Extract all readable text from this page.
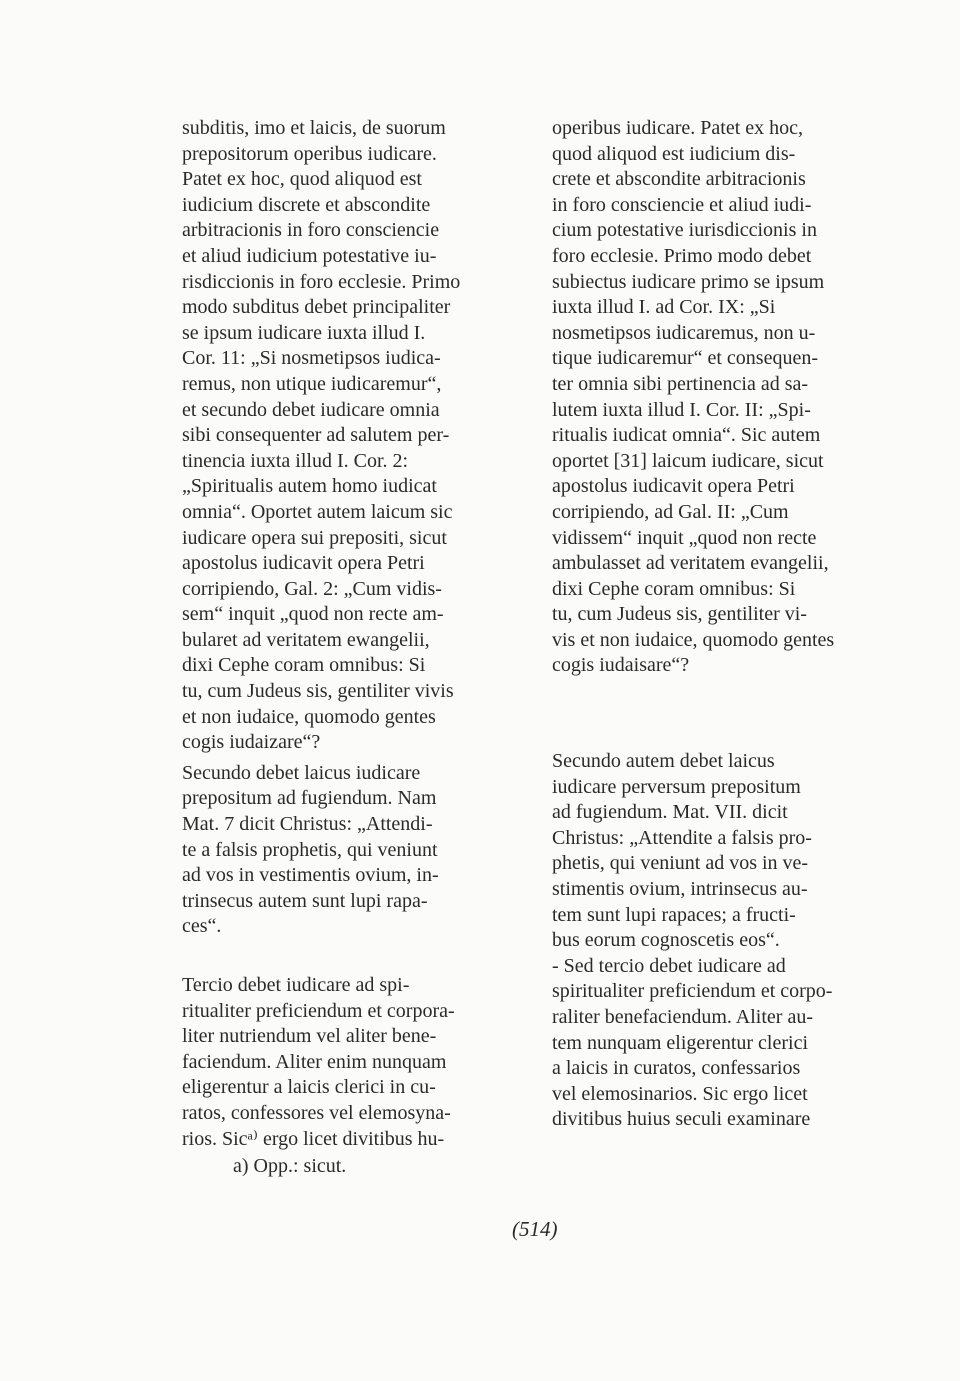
subditis, imo et laicis, de suorum
prepositorum operibus iudicare.
Patet ex hoc, quod aliquod est
iudicium discrete et abscondite
arbitracionis in foro consciencie
et aliud iudicium potestative iu-
risdiccionis in foro ecclesie. Primo
modo subditus debet principaliter
se ipsum iudicare iuxta illud I.
Cor. 11: „Si nosmetipsos iudica-
remus, non utique iudicaremur“,
et secundo debet iudicare omnia
sibi consequenter ad salutem per-
tinencia iuxta illud I. Cor. 2:
„Spiritualis autem homo iudicat
omnia“. Oportet autem laicum sic
iudicare opera sui prepositi, sicut
apostolus iudicavit opera Petri
corripiendo, Gal. 2: „Cum vidis-
sem“ inquit „quod non recte am-
bularet ad veritatem ewangelii,
dixi Cephe coram omnibus: Si
tu, cum Judeus sis, gentiliter vivis
et non iudaice, quomodo gentes
cogis iudaizare“?
Secundo debet laicus iudicare
prepositum ad fugiendum. Nam
Mat. 7 dicit Christus: „Attendi-
te a falsis prophetis, qui veniunt
ad vos in vestimentis ovium, in-
trinsecus autem sunt lupi rapa-
ces“.
Tercio debet iudicare ad spi-
ritualiter preficiendum et corpora-
liter nutriendum vel aliter bene-
faciendum. Aliter enim nunquam
eligerentur a laicis clerici in cu-
ratos, confessores vel elemosyna-
rios. Sicᵃ⁾ ergo licet divitibus hu-
operibus iudicare. Patet ex hoc,
quod aliquod est iudicium dis-
crete et abscondite arbitracionis
in foro consciencie et aliud iudi-
cium potestative iurisdiccionis in
foro ecclesie. Primo modo debet
subiectus iudicare primo se ipsum
iuxta illud I. ad Cor. IX: „Si
nosmetipsos iudicaremus, non u-
tique iudicaremur“ et consequen-
ter omnia sibi pertinencia ad sa-
lutem iuxta illud I. Cor. II: „Spi-
ritualis iudicat omnia“. Sic autem
oportet [31] laicum iudicare, sicut
apostolus iudicavit opera Petri
corripiendo, ad Gal. II: „Cum
vidissem“ inquit „quod non recte
ambulasset ad veritatem evangelii,
dixi Cephe coram omnibus: Si
tu, cum Judeus sis, gentiliter vi-
vis et non iudaice, quomodo gentes
cogis iudaisare“?
Secundo autem debet laicus
iudicare perversum prepositum
ad fugiendum. Mat. VII. dicit
Christus: „Attendite a falsis pro-
phetis, qui veniunt ad vos in ve-
stimentis ovium, intrinsecus au-
tem sunt lupi rapaces; a fructi-
bus eorum cognoscetis eos“.
- Sed tercio debet iudicare ad
spiritualiter preficiendum et corpo-
raliter benefaciendum. Aliter au-
tem nunquam eligerentur clerici
a laicis in curatos, confessarios
vel elemosinarios. Sic ergo licet
divitibus huius seculi examinare
a) Opp.: sicut.
(514)
